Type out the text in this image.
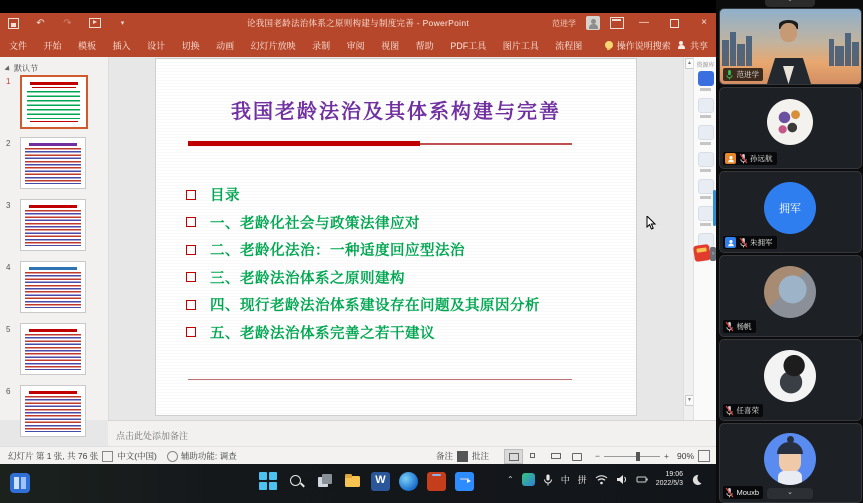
↶ ↷	▾	论我国老龄法治体系之原则构建与制度完善 - PowerPoint	范进学	—	×
文件 开始 模板 插入 设计 切换 动画 幻灯片放映 录制 审阅 视图 帮助 PDF工具 图片工具 流程图	操作说明搜索 共享
默认节
1
2
3
4
5
6
我国老龄法治及其体系构建与完善
目录
一、老龄化社会与政策法律应对
二、老龄化法治：一种适度回应型法治
三、老龄法治体系之原则建构
四、现行老龄法治体系建设存在问题及其原因分析
五、老龄法治体系完善之若干建议
▲
▼
资源库
›
点击此处添加备注
幻灯片 第 1 张, 共 76 张 中文(中国)	辅助功能: 调查	备注 批注	−	+ 90%
W
⌃	中 拼
19:06
2022/5/3
⌃
范进学
孙远航
拥军
朱拥军
杨帆
任喜荣
Mouxb	⌄
